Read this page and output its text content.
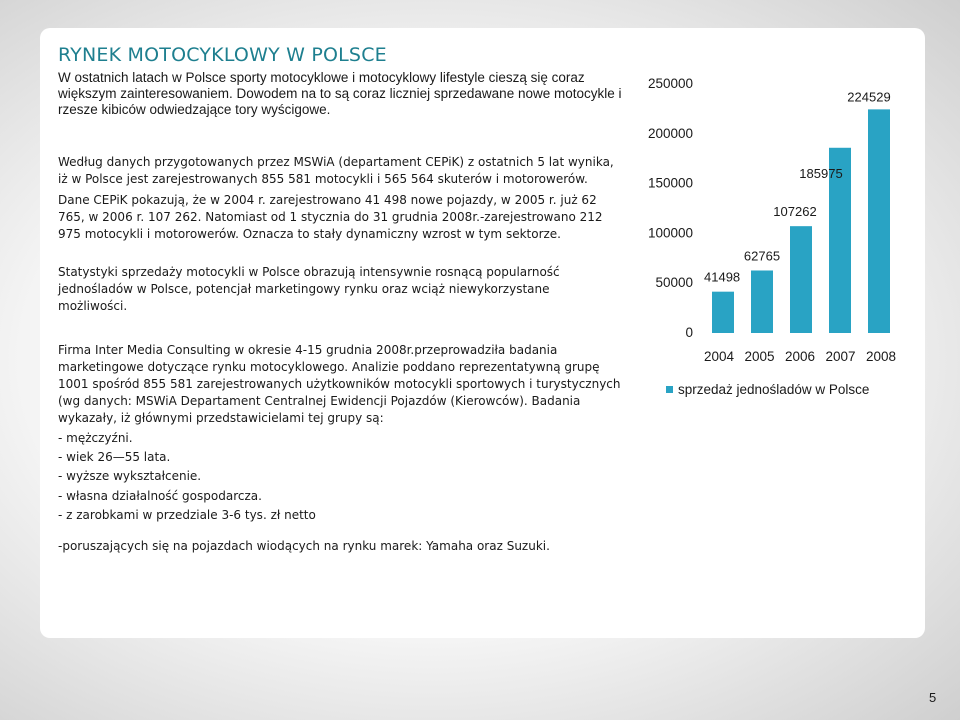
RYNEK MOTOCYKLOWY W POLSCE
W ostatnich latach w Polsce sporty motocyklowe i motocyklowy lifestyle cieszą się coraz większym zainteresowaniem. Dowodem na to są coraz liczniej sprzedawane nowe motocykle i rzesze kibiców odwiedzające tory wyścigowe.
Według danych przygotowanych przez MSWiA (departament CEPiK) z ostatnich 5 lat wynika, iż w Polsce jest zarejestrowanych 855 581 motocykli i 565 564 skuterów i motorowerów.
Dane CEPiK pokazują, że w 2004 r. zarejestrowano 41 498 nowe pojazdy, w 2005 r. już 62 765, w 2006 r. 107 262. Natomiast od 1 stycznia do 31 grudnia 2008r.-zarejestrowano 212 975 motocykli i motorowerów. Oznacza to stały dynamiczny wzrost w tym sektorze.
Statystyki sprzedaży motocykli w Polsce obrazują intensywnie rosnącą popularność jednośladów w Polsce, potencjał marketingowy rynku oraz wciąż niewykorzystane możliwości.
Firma Inter Media Consulting w okresie 4-15 grudnia 2008r.przeprowadziła badania marketingowe dotyczące rynku motocyklowego. Analizie poddano reprezentatywną grupę 1001 spośród 855 581 zarejestrowanych użytkowników motocykli sportowych i turystycznych (wg danych: MSWiA Departament Centralnej Ewidencji Pojazdów (Kierowców). Badania wykazały, iż głównymi przedstawicielami tej grupy są:
- mężczyźni.
- wiek 26—55 lata.
- wyższe wykształcenie.
- własna działalność gospodarcza.
- z zarobkami w przedziale 3-6 tys. zł netto
-poruszających się na pojazdach wiodących na rynku marek: Yamaha oraz Suzuki.
0
50000
100000
150000
200000
250000
41498
62765
107262
185975
224529
2004 2005 2006 2007 2008
sprzedaż jednośladów w Polsce
5
